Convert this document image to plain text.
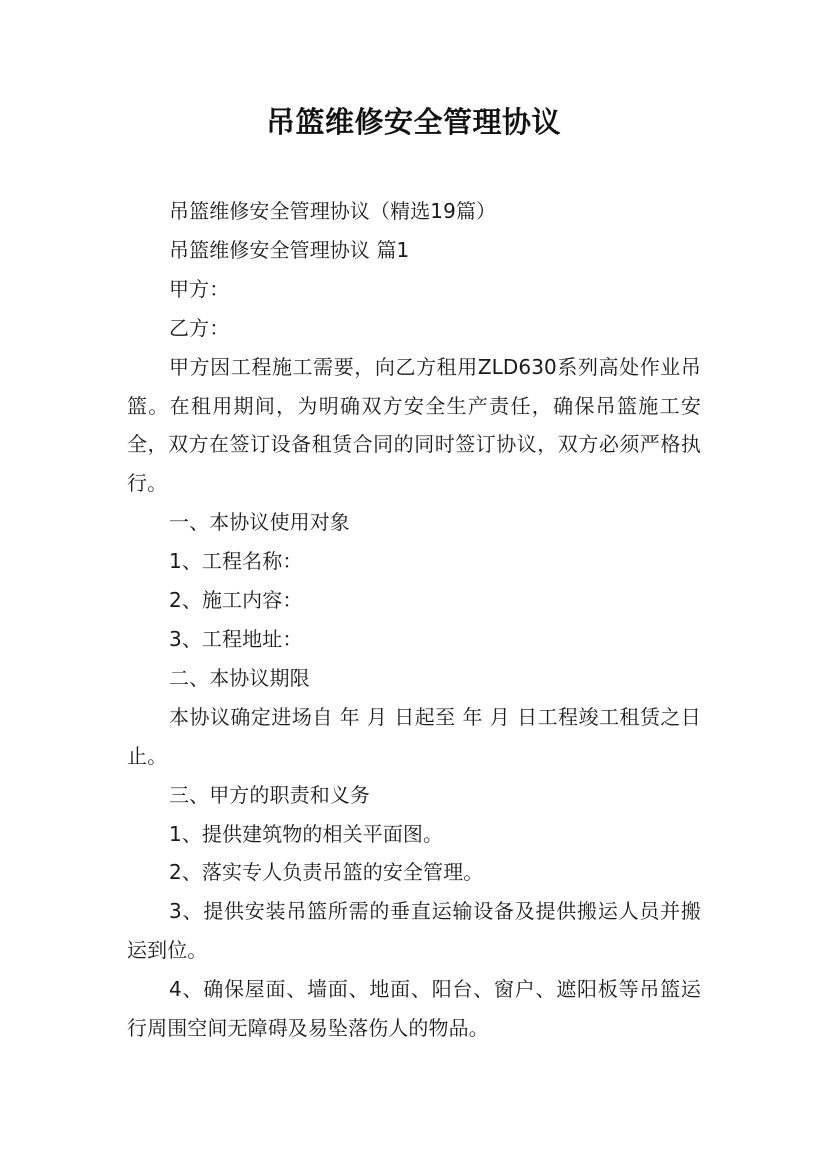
吊篮维修安全管理协议

吊篮维修安全管理协议（精选19篇）

吊篮维修安全管理协议 篇1

甲方：

乙方：

甲方因工程施工需要，向乙方租用ZLD630系列高处作业吊篮。在租用期间，为明确双方安全生产责任，确保吊篮施工安全，双方在签订设备租赁合同的同时签订协议，双方必须严格执行。

一、本协议使用对象

1、工程名称：

2、施工内容：

3、工程地址：

二、本协议期限

本协议确定进场自 年 月 日起至 年 月 日工程竣工租赁之日止。

三、甲方的职责和义务

1、提供建筑物的相关平面图。

2、落实专人负责吊篮的安全管理。

3、提供安装吊篮所需的垂直运输设备及提供搬运人员并搬运到位。

4、确保屋面、墙面、地面、阳台、窗户、遮阳板等吊篮运行周围空间无障碍及易坠落伤人的物品。
